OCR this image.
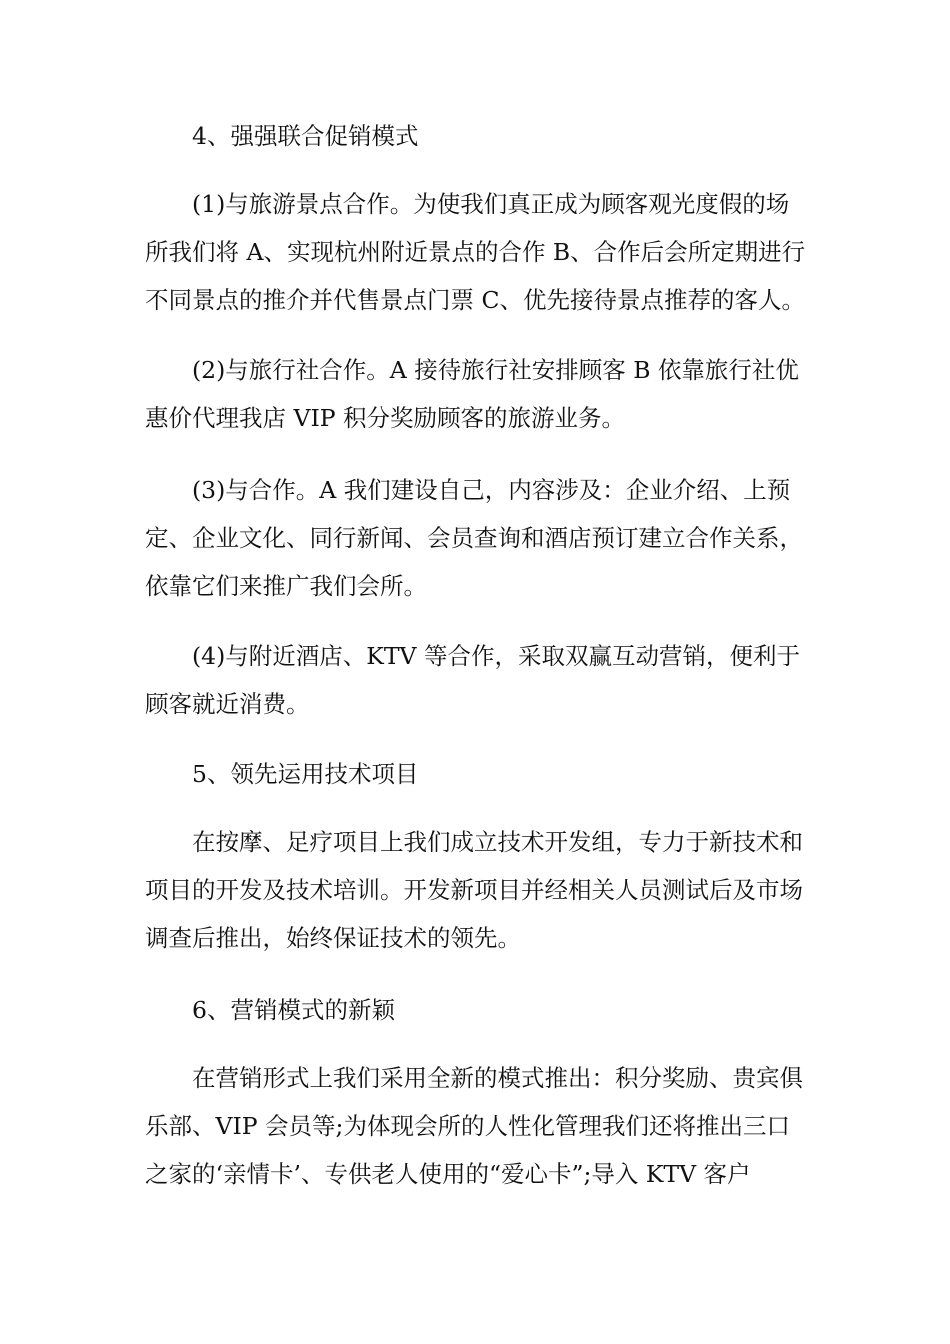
4、强强联合促销模式
(1)与旅游景点合作。为使我们真正成为顾客观光度假的场
所我们将 A、实现杭州附近景点的合作 B、合作后会所定期进行
不同景点的推介并代售景点门票 C、优先接待景点推荐的客人。
(2)与旅行社合作。A 接待旅行社安排顾客 B 依靠旅行社优
惠价代理我店 VIP 积分奖励顾客的旅游业务。
(3)与合作。A 我们建设自己，内容涉及：企业介绍、上预
定、企业文化、同行新闻、会员查询和酒店预订建立合作关系，
依靠它们来推广我们会所。
(4)与附近酒店、KTV 等合作，采取双赢互动营销，便利于
顾客就近消费。
5、领先运用技术项目
在按摩、足疗项目上我们成立技术开发组，专力于新技术和
项目的开发及技术培训。开发新项目并经相关人员测试后及市场
调查后推出，始终保证技术的领先。
6、营销模式的新颖
在营销形式上我们采用全新的模式推出：积分奖励、贵宾俱
乐部、VIP 会员等;为体现会所的人性化管理我们还将推出三口
之家的‘亲情卡’、专供老人使用的“爱心卡”;导入 KTV 客户
